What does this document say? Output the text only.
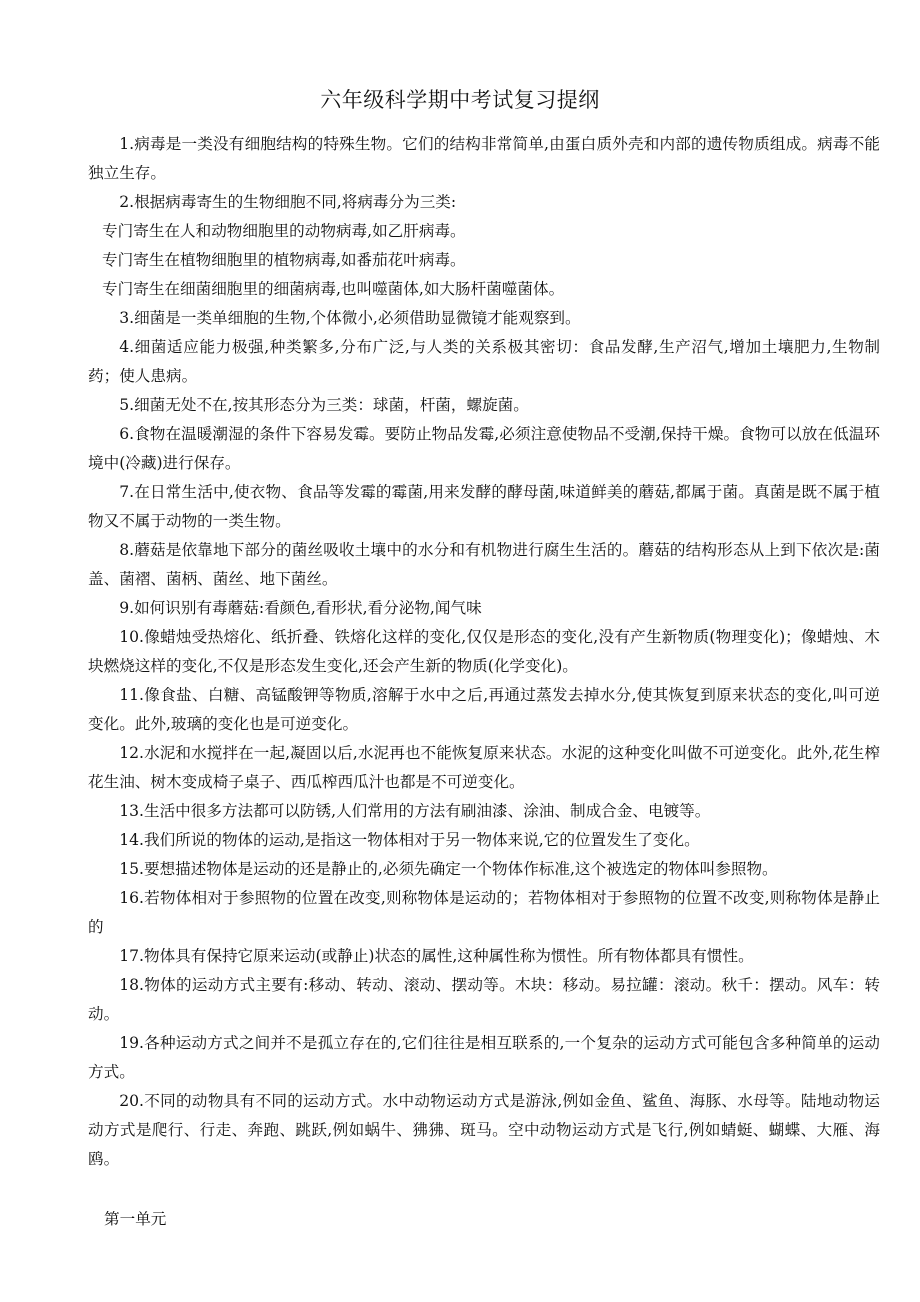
六年级科学期中考试复习提纲

1.病毒是一类没有细胞结构的特殊生物。它们的结构非常简单,由蛋白质外壳和内部的遗传物质组成。病毒不能独立生存。

2.根据病毒寄生的生物细胞不同,将病毒分为三类:

专门寄生在人和动物细胞里的动物病毒,如乙肝病毒。

专门寄生在植物细胞里的植物病毒,如番茄花叶病毒。

专门寄生在细菌细胞里的细菌病毒,也叫噬菌体,如大肠杆菌噬菌体。

3.细菌是一类单细胞的生物,个体微小,必须借助显微镜才能观察到。

4.细菌适应能力极强,种类繁多,分布广泛,与人类的关系极其密切：食品发酵,生产沼气,增加土壤肥力,生物制药；使人患病。

5.细菌无处不在,按其形态分为三类：球菌，杆菌，螺旋菌。

6.食物在温暖潮湿的条件下容易发霉。要防止物品发霉,必须注意使物品不受潮,保持干燥。食物可以放在低温环境中(冷藏)进行保存。

7.在日常生活中,使衣物、食品等发霉的霉菌,用来发酵的酵母菌,味道鲜美的蘑菇,都属于菌。真菌是既不属于植物又不属于动物的一类生物。

8.蘑菇是依靠地下部分的菌丝吸收土壤中的水分和有机物进行腐生生活的。蘑菇的结构形态从上到下依次是:菌盖、菌褶、菌柄、菌丝、地下菌丝。

9.如何识别有毒蘑菇:看颜色,看形状,看分泌物,闻气味

10.像蜡烛受热熔化、纸折叠、铁熔化这样的变化,仅仅是形态的变化,没有产生新物质(物理变化)；像蜡烛、木块燃烧这样的变化,不仅是形态发生变化,还会产生新的物质(化学变化)。

11.像食盐、白糖、高锰酸钾等物质,溶解于水中之后,再通过蒸发去掉水分,使其恢复到原来状态的变化,叫可逆变化。此外,玻璃的变化也是可逆变化。

12.水泥和水搅拌在一起,凝固以后,水泥再也不能恢复原来状态。水泥的这种变化叫做不可逆变化。此外,花生榨花生油、树木变成椅子桌子、西瓜榨西瓜汁也都是不可逆变化。

13.生活中很多方法都可以防锈,人们常用的方法有刷油漆、涂油、制成合金、电镀等。

14.我们所说的物体的运动,是指这一物体相对于另一物体来说,它的位置发生了变化。

15.要想描述物体是运动的还是静止的,必须先确定一个物体作标准,这个被选定的物体叫参照物。

16.若物体相对于参照物的位置在改变,则称物体是运动的；若物体相对于参照物的位置不改变,则称物体是静止的

17.物体具有保持它原来运动(或静止)状态的属性,这种属性称为惯性。所有物体都具有惯性。

18.物体的运动方式主要有:移动、转动、滚动、摆动等。木块：移动。易拉罐：滚动。秋千：摆动。风车：转动。

19.各种运动方式之间并不是孤立存在的,它们往往是相互联系的,一个复杂的运动方式可能包含多种简单的运动方式。

20.不同的动物具有不同的运动方式。水中动物运动方式是游泳,例如金鱼、鲨鱼、海豚、水母等。陆地动物运动方式是爬行、行走、奔跑、跳跃,例如蜗牛、狒狒、斑马。空中动物运动方式是飞行,例如蜻蜓、蝴蝶、大雁、海鸥。

第一单元
